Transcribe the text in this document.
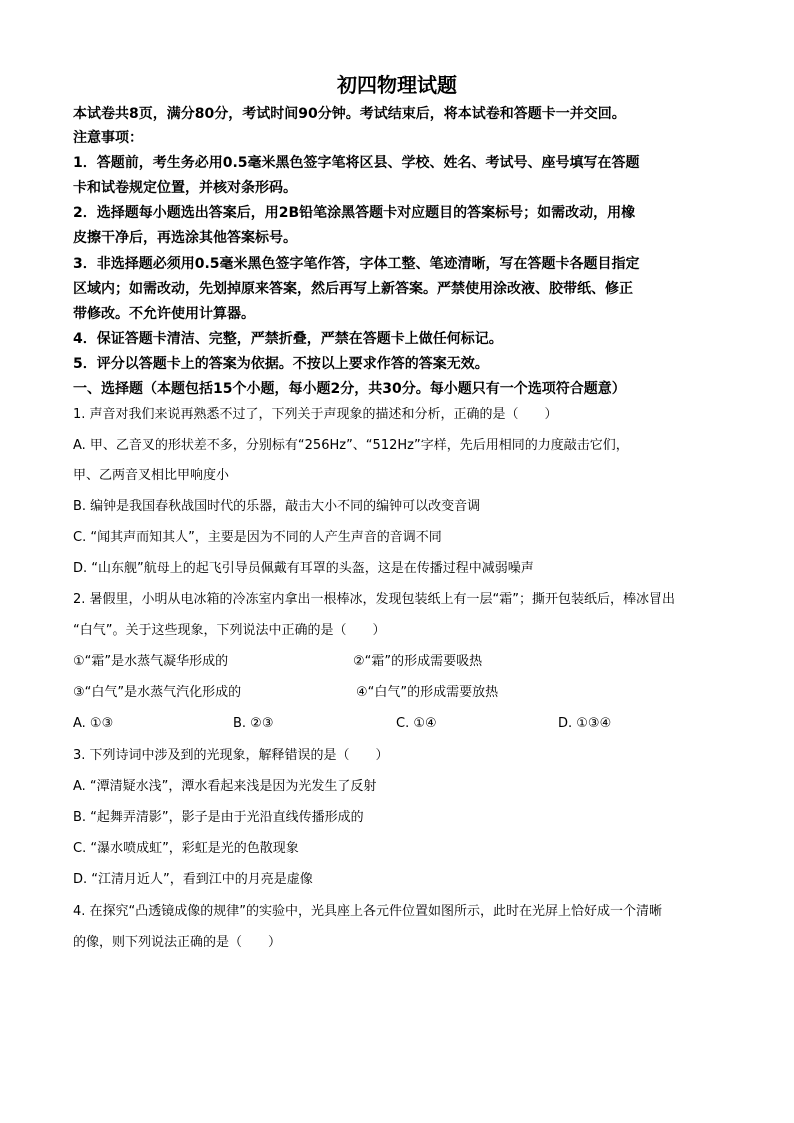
初四物理试题
本试卷共8页，满分80分，考试时间90分钟。考试结束后，将本试卷和答题卡一并交回。
注意事项：
1．答题前，考生务必用0.5毫米黑色签字笔将区县、学校、姓名、考试号、座号填写在答题
卡和试卷规定位置，并核对条形码。
2．选择题每小题选出答案后，用2B铅笔涂黑答题卡对应题目的答案标号；如需改动，用橡
皮擦干净后，再选涂其他答案标号。
3．非选择题必须用0.5毫米黑色签字笔作答，字体工整、笔迹清晰，写在答题卡各题目指定
区域内；如需改动，先划掉原来答案，然后再写上新答案。严禁使用涂改液、胶带纸、修正
带修改。不允许使用计算器。
4．保证答题卡清洁、完整，严禁折叠，严禁在答题卡上做任何标记。
5．评分以答题卡上的答案为依据。不按以上要求作答的答案无效。
一、选择题（本题包括15个小题，每小题2分，共30分。每小题只有一个选项符合题意）
1. 声音对我们来说再熟悉不过了，下列关于声现象的描述和分析，正确的是（　　）
A. 甲、乙音叉的形状差不多，分别标有“256Hz”、“512Hz”字样，先后用相同的力度敲击它们，
甲、乙两音叉相比甲响度小
B. 编钟是我国春秋战国时代的乐器，敲击大小不同的编钟可以改变音调
C. “闻其声而知其人”，主要是因为不同的人产生声音的音调不同
D. “山东舰”航母上的起飞引导员佩戴有耳罩的头盔，这是在传播过程中减弱噪声
2. 暑假里，小明从电冰箱的冷冻室内拿出一根棒冰，发现包装纸上有一层“霜”；撕开包装纸后，棒冰冒出
“白气”。关于这些现象，下列说法中正确的是（　　）
①“霜”是水蒸气凝华形成的	②“霜”的形成需要吸热
③“白气”是水蒸气汽化形成的	④“白气”的形成需要放热
A. ①③	B. ②③	C. ①④	D. ①③④
3. 下列诗词中涉及到的光现象，解释错误的是（　　）
A. “潭清疑水浅”，潭水看起来浅是因为光发生了反射
B. “起舞弄清影”，影子是由于光沿直线传播形成的
C. “瀑水喷成虹”，彩虹是光的色散现象
D. “江清月近人”，看到江中的月亮是虚像
4. 在探究“凸透镜成像的规律”的实验中，光具座上各元件位置如图所示，此时在光屏上恰好成一个清晰
的像，则下列说法正确的是（　　）
